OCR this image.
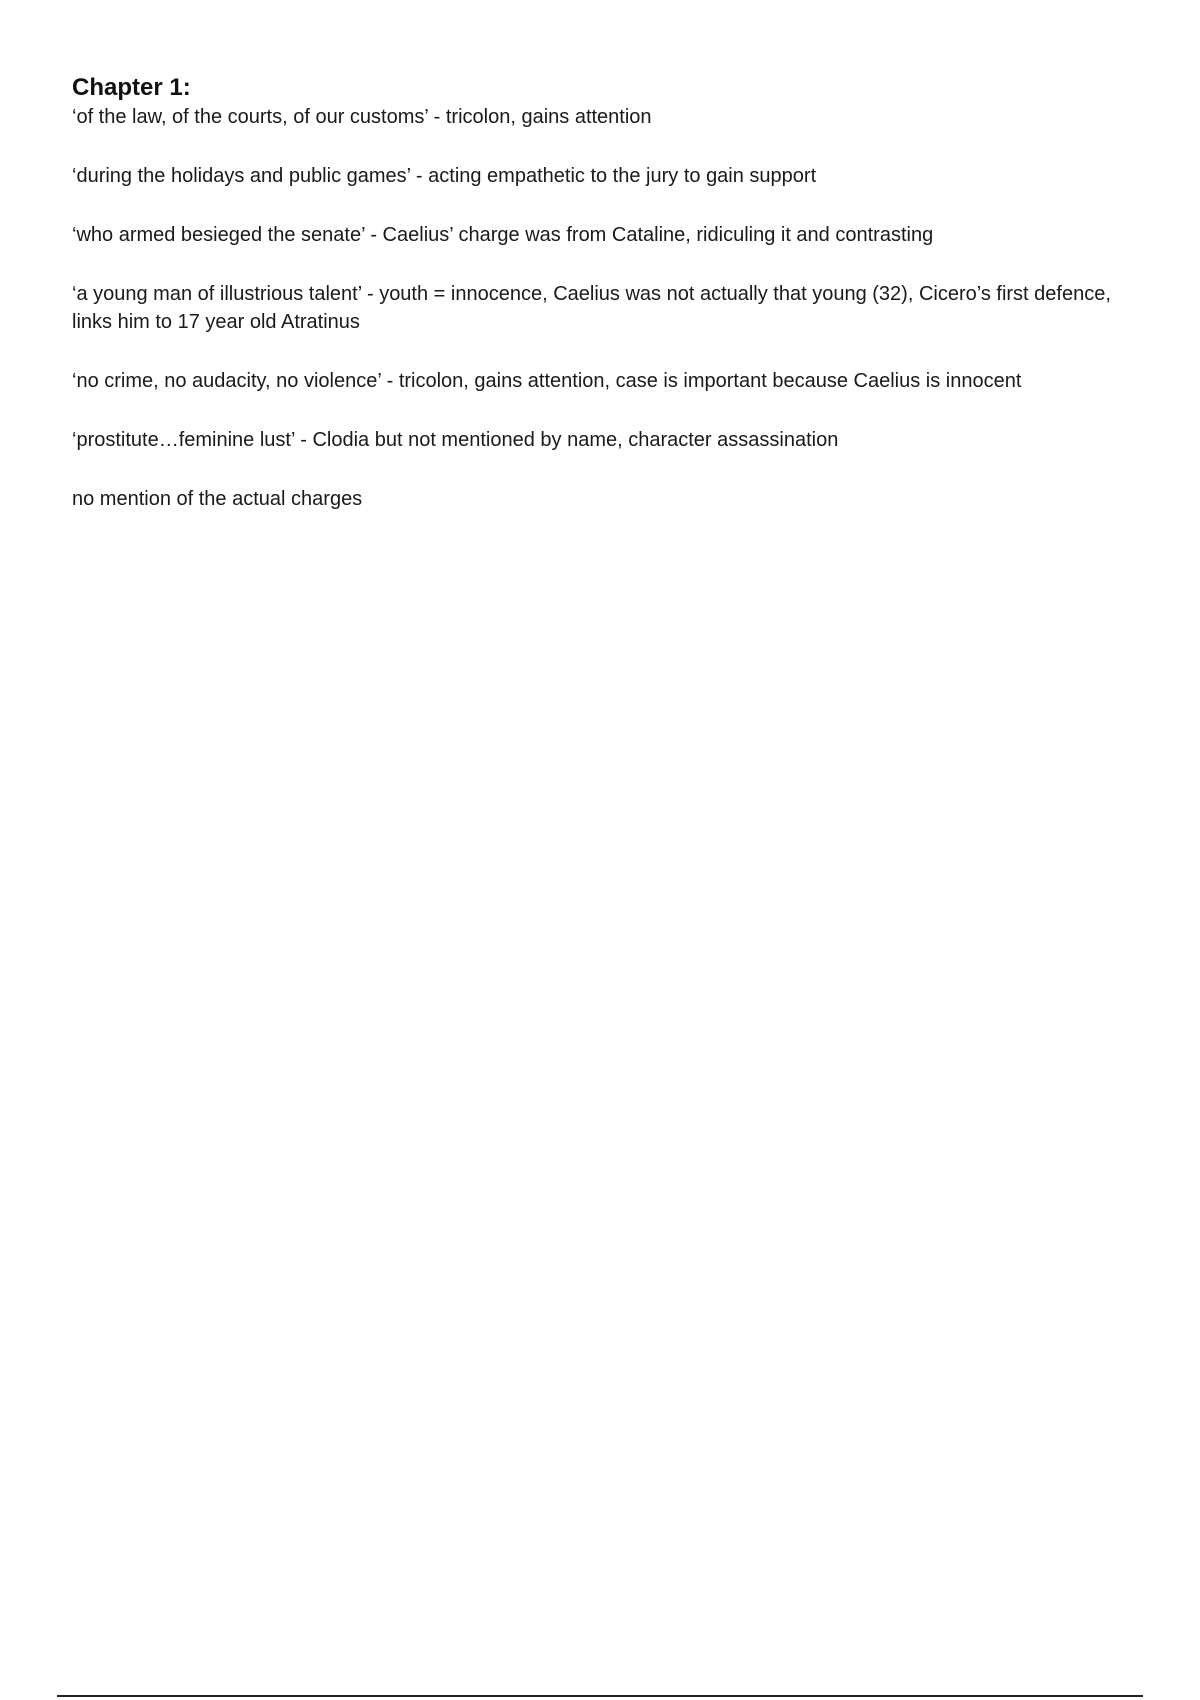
Chapter 1:

‘of the law, of the courts, of our customs’ - tricolon, gains attention

‘during the holidays and public games’ - acting empathetic to the jury to gain support

‘who armed besieged the senate’ - Caelius’ charge was from Cataline, ridiculing it and contrasting

‘a young man of illustrious talent’ - youth = innocence, Caelius was not actually that young (32), Cicero’s first defence, links him to 17 year old Atratinus

‘no crime, no audacity, no violence’ - tricolon, gains attention, case is important because Caelius is innocent

‘prostitute…feminine lust’ - Clodia but not mentioned by name, character assassination

no mention of the actual charges
